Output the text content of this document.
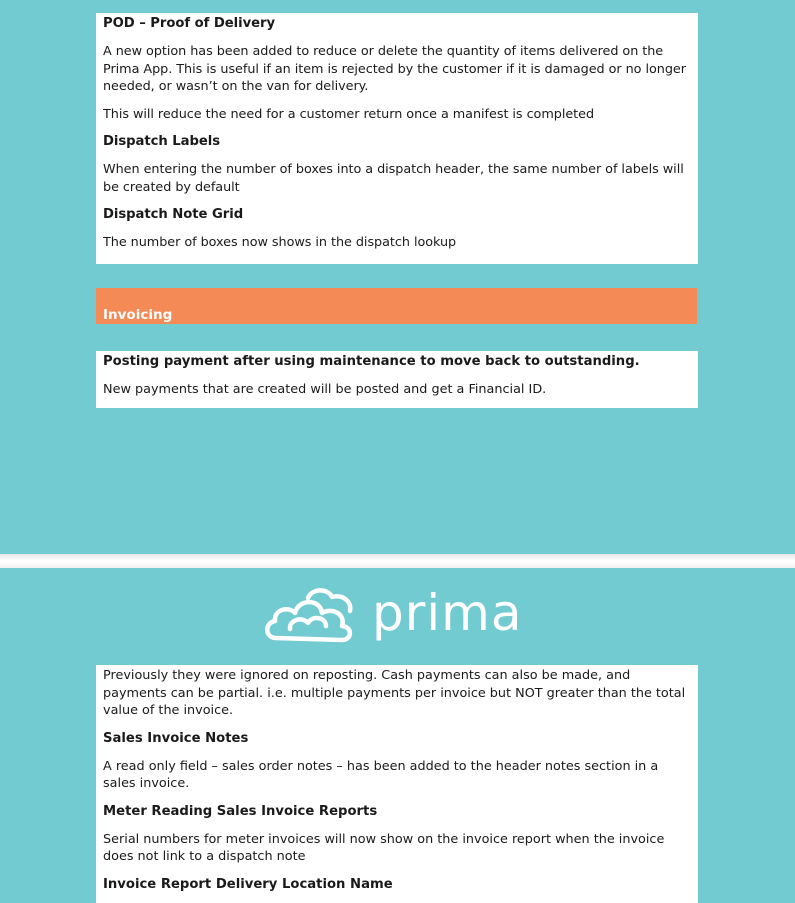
POD – Proof of Delivery

A new option has been added to reduce or delete the quantity of items delivered on the Prima App. This is useful if an item is rejected by the customer if it is damaged or no longer needed, or wasn’t on the van for delivery.

This will reduce the need for a customer return once a manifest is completed

Dispatch Labels

When entering the number of boxes into a dispatch header, the same number of labels will be created by default

Dispatch Note Grid

The number of boxes now shows in the dispatch lookup

Invoicing
Posting payment after using maintenance to move back to outstanding.

New payments that are created will be posted and get a Financial ID.

prima

Previously they were ignored on reposting. Cash payments can also be made, and payments can be partial. i.e. multiple payments per invoice but NOT greater than the total value of the invoice.

Sales Invoice Notes

A read only field – sales order notes – has been added to the header notes section in a sales invoice.

Meter Reading Sales Invoice Reports

Serial numbers for meter invoices will now show on the invoice report when the invoice does not link to a dispatch note

Invoice Report Delivery Location Name
